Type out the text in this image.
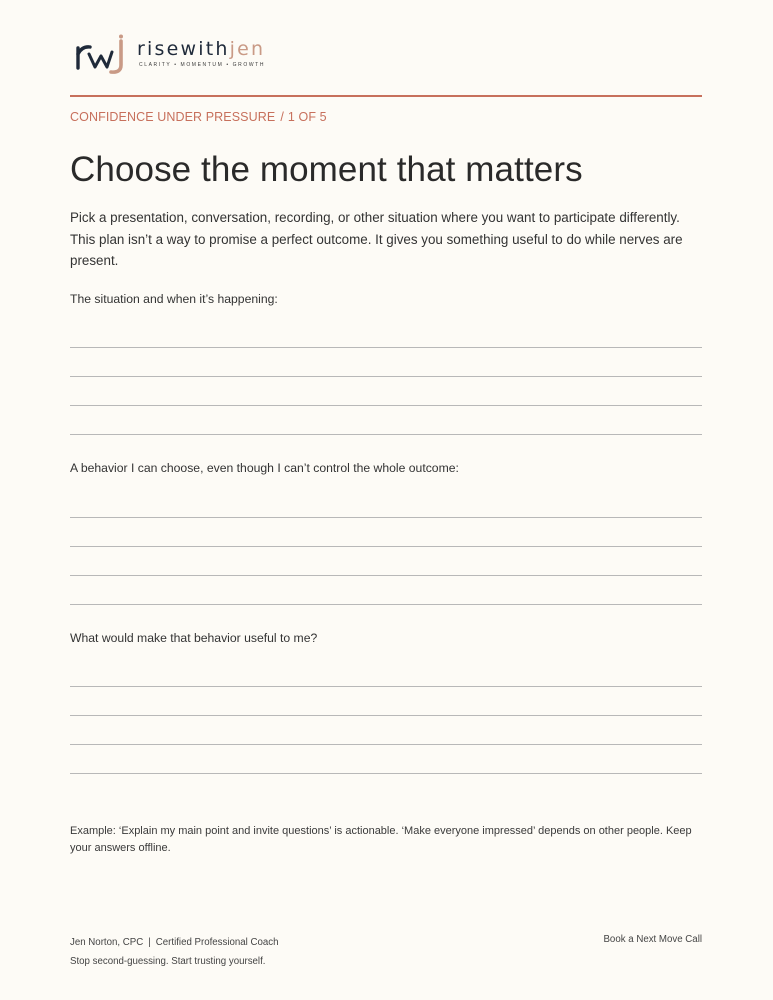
risewithjen
CLARITY • MOMENTUM • GROWTH
CONFIDENCE UNDER PRESSURE / 1 OF 5
Choose the moment that matters

Pick a presentation, conversation, recording, or other situation where you want to participate differently. This plan isn’t a way to promise a perfect outcome. It gives you something useful to do while nerves are present.

The situation and when it’s happening:
A behavior I can choose, even though I can’t control the whole outcome:
What would make that behavior useful to me?

Example: ‘Explain my main point and invite questions’ is actionable. ‘Make everyone impressed’ depends on other people. Keep your answers offline.

Jen Norton, CPC | Certified Professional Coach
Stop second-guessing. Start trusting yourself.
Book a Next Move Call
